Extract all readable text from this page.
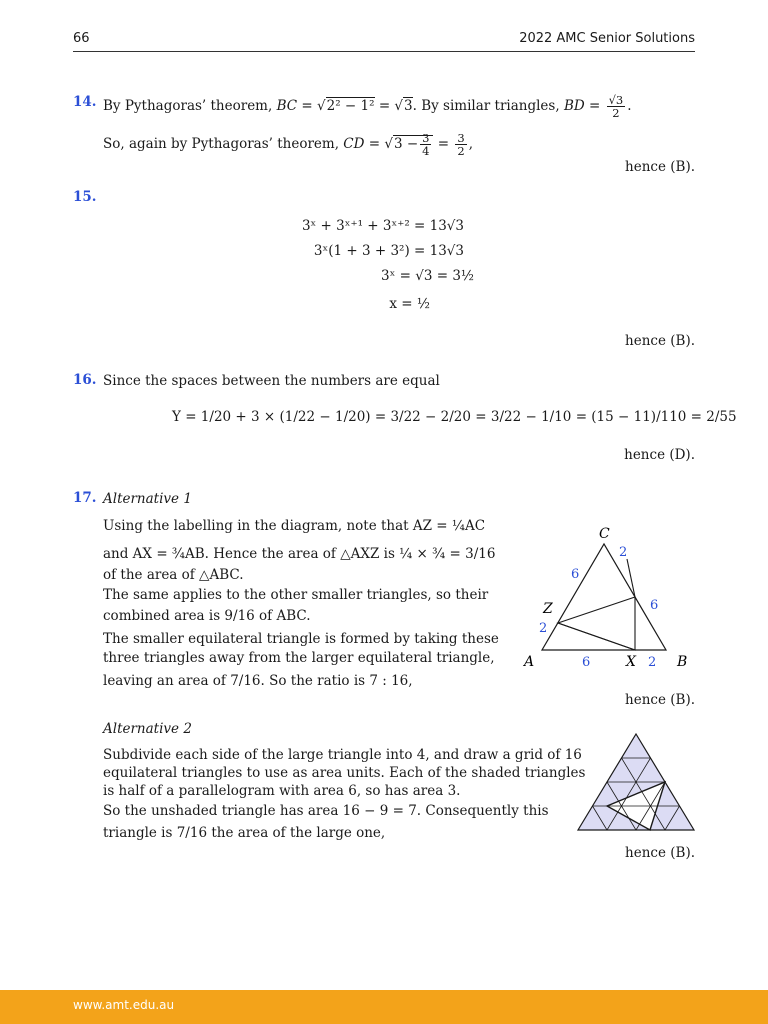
66	2022 AMC Senior Solutions
14. By Pythagoras’ theorem, BC = √2² − 1² = √3. By similar triangles, BD = $\frac{√3}{2}$ .
So, again by Pythagoras’ theorem, CD = $√3 - \frac{3}{4} = \frac{3}{2}$ ,
hence (B).
15.
3ˣ + 3ˣ⁺¹ + 3ˣ⁺² = 13√3
3ˣ(1 + 3 + 3²) = 13√3
3ˣ = √3 = 3½
x = ½
hence (B).
16. Since the spaces between the numbers are equal
Y = 1/20 + 3 × (1/22 − 1/20) = 3/22 − 2/20 = 3/22 − 1/10 = (15 − 11)/110 = 2/55
hence (D).
17. Alternative 1
Using the labelling in the diagram, note that AZ = ¼AC
and AX = ¾AB. Hence the area of △AXZ is ¼ × ¾ = 3/16
of the area of △ABC.
The same applies to the other smaller triangles, so their
combined area is 9/16 of ABC.
The smaller equilateral triangle is formed by taking these
three triangles away from the larger equilateral triangle,
leaving an area of 7/16. So the ratio is 7 : 16,
hence (B).
C
Z
A	X	B
2
6
6
2
6	2
Alternative 2
Subdivide each side of the large triangle into 4, and draw a grid of 16
equilateral triangles to use as area units. Each of the shaded triangles
is half of a parallelogram with area 6, so has area 3.
So the unshaded triangle has area 16 − 9 = 7. Consequently this
triangle is 7/16 the area of the large one,
hence (B).
www.amt.edu.au
